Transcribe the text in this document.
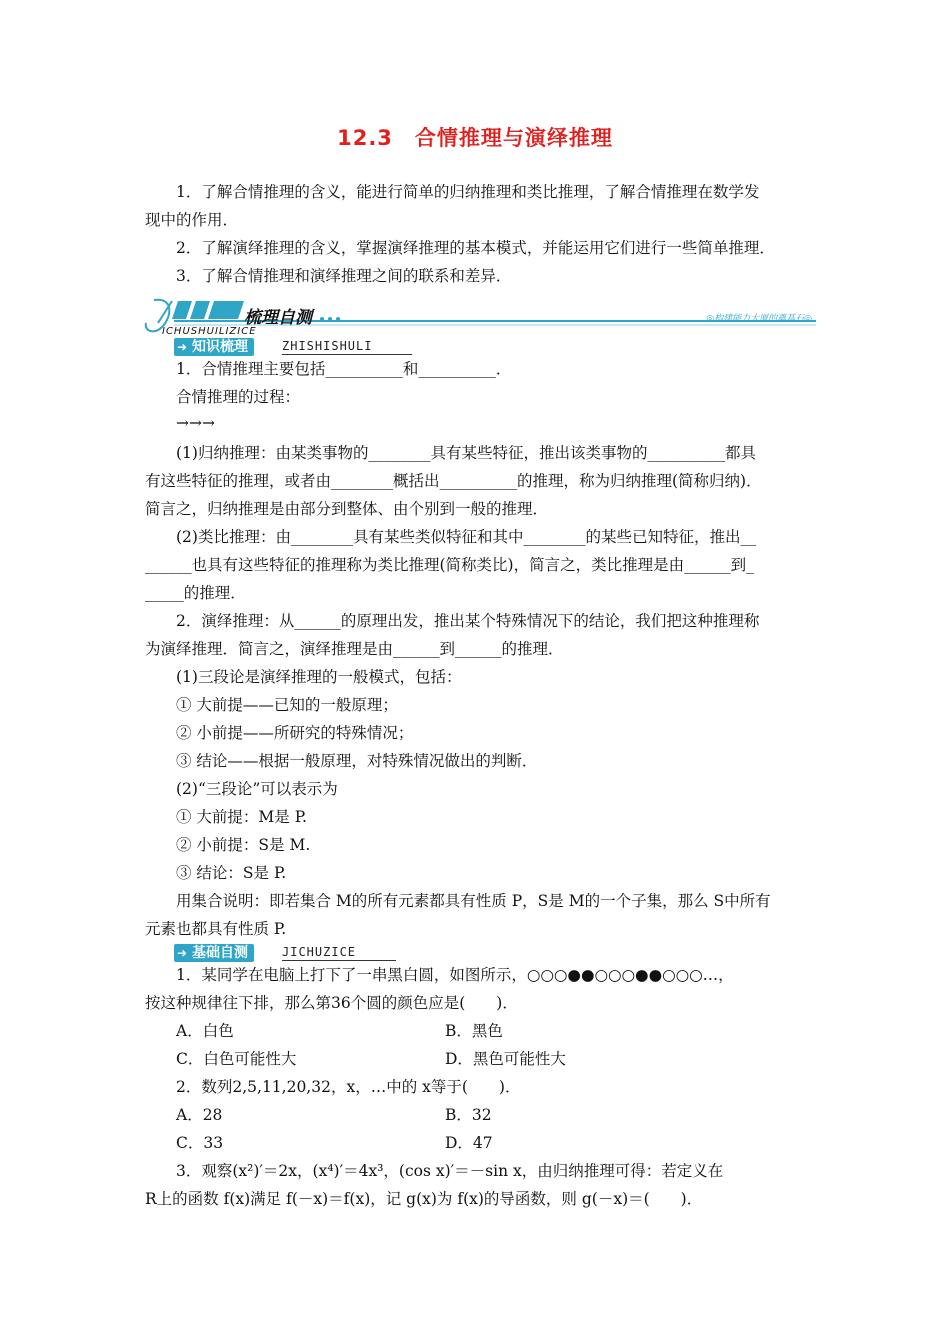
12.3　合情推理与演绎推理
1．了解合情推理的含义，能进行简单的归纳推理和类比推理，了解合情推理在数学发
现中的作用．
2．了解演绎推理的含义，掌握演绎推理的基本模式，并能运用它们进行一些简单推理．
3．了解合情推理和演绎推理之间的联系和差异．
ICHUSHUILIZICE
梳理自测	◎构建能力大厦的奠基石◎
➜ 知识梳理	ZHISHISHULI
1．合情推理主要包括__________和__________．
合情推理的过程：
→→→
(1)归纳推理：由某类事物的________具有某些特征，推出该类事物的__________都具
有这些特征的推理，或者由________概括出__________的推理，称为归纳推理(简称归纳)．
简言之，归纳推理是由部分到整体、由个别到一般的推理．
(2)类比推理：由________具有某些类似特征和其中________的某些已知特征，推出__
______也具有这些特征的推理称为类比推理(简称类比)，简言之，类比推理是由______到_
_____的推理．
2．演绎推理：从______的原理出发，推出某个特殊情况下的结论，我们把这种推理称
为演绎推理．简言之，演绎推理是由______到______的推理．
(1)三段论是演绎推理的一般模式，包括：
① 大前提——已知的一般原理；
② 小前提——所研究的特殊情况；
③ 结论——根据一般原理，对特殊情况做出的判断．
(2)“三段论”可以表示为
① 大前提：M是 P.
② 小前提：S是 M.
③ 结论：S是 P.
用集合说明：即若集合 M的所有元素都具有性质 P，S是 M的一个子集，那么 S中所有
元素也都具有性质 P.
➜ 基础自测	JICHUZICE
1．某同学在电脑上打下了一串黑白圆，如图所示，○○○●●○○○●●○○○…，
按这种规律往下排，那么第36个圆的颜色应是(　　)．
A．白色	B．黑色
C．白色可能性大	D．黑色可能性大
2．数列2,5,11,20,32，x，…中的 x等于(　　)．
A．28	B．32
C．33	D．47
3．观察(x²)′＝2x，(x⁴)′＝4x³，(cos x)′＝－sin x，由归纳推理可得：若定义在
R上的函数 f(x)满足 f(－x)＝f(x)，记 g(x)为 f(x)的导函数，则 g(－x)＝(　　)．
